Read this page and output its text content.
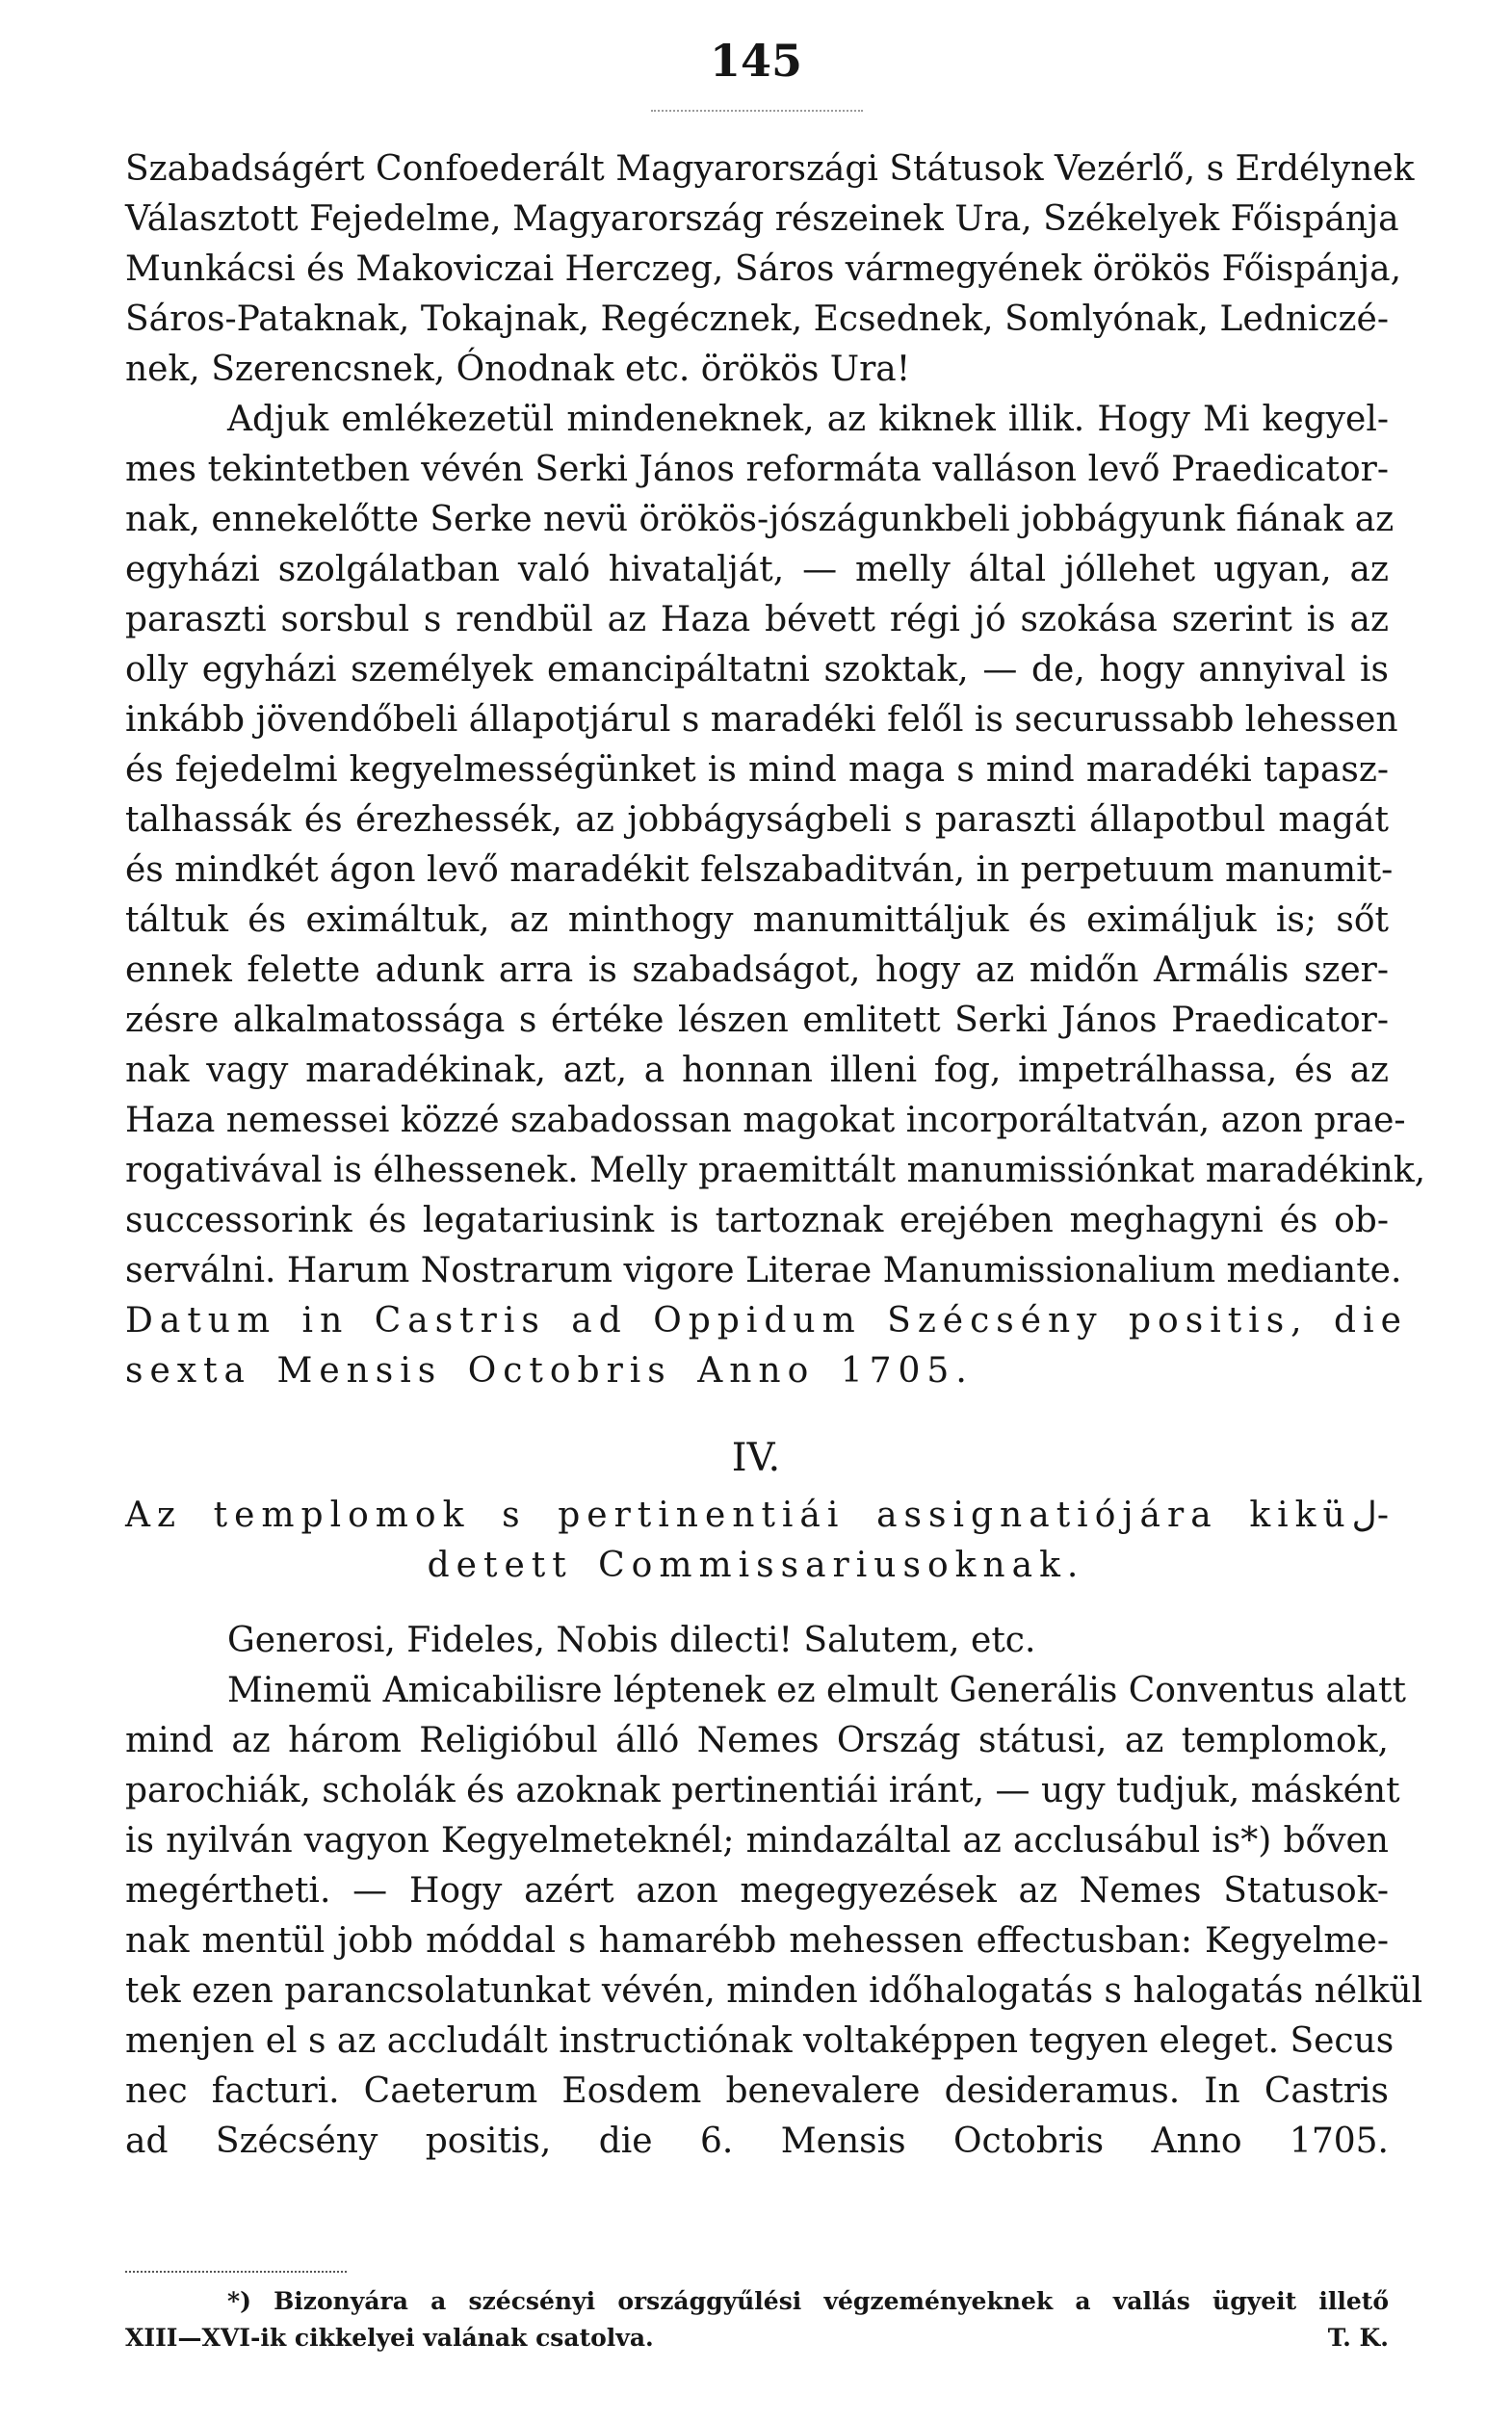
145
Szabadságért Confoederált Magyarországi Státusok Vezérlő, s Erdélynek
Választott Fejedelme, Magyarország részeinek Ura, Székelyek Főispánja
Munkácsi és Makoviczai Herczeg, Sáros vármegyének örökös Főispánja,
Sáros-Pataknak, Tokajnak, Regécznek, Ecsednek, Somlyónak, Ledniczé-
nek, Szerencsnek, Ónodnak etc. örökös Ura!
Adjuk emlékezetül mindeneknek, az kiknek illik. Hogy Mi kegyel-
mes tekintetben vévén Serki János reformáta valláson levő Praedicator-
nak, ennekelőtte Serke nevü örökös-jószágunkbeli jobbágyunk fiának az
egyházi szolgálatban való hivatalját, — melly által jóllehet ugyan, az
paraszti sorsbul s rendbül az Haza bévett régi jó szokása szerint is az
olly egyházi személyek emancipáltatni szoktak, — de, hogy annyival is
inkább jövendőbeli állapotjárul s maradéki felől is securussabb lehessen
és fejedelmi kegyelmességünket is mind maga s mind maradéki tapasz-
talhassák és érezhessék, az jobbágyságbeli s paraszti állapotbul magát
és mindkét ágon levő maradékit felszabaditván, in perpetuum manumit-
táltuk és eximáltuk, az minthogy manumittáljuk és eximáljuk is; sőt
ennek felette adunk arra is szabadságot, hogy az midőn Armális szer-
zésre alkalmatossága s értéke lészen emlitett Serki János Praedicator-
nak vagy maradékinak, azt, a honnan illeni fog, impetrálhassa, és az
Haza nemessei közzé szabadossan magokat incorporáltatván, azon prae-
rogativával is élhessenek. Melly praemittált manumissiónkat maradékink,
successorink és legatariusink is tartoznak erejében meghagyni és ob-
serválni. Harum Nostrarum vigore Literae Manumissionalium mediante.
Datum in Castris ad Oppidum Szécsény positis, die
sexta Mensis Octobris Anno 1705.
IV.
Az templomok s pertinentiái assignatiójára kiküل-
detett Commissariusoknak.
Generosi, Fideles, Nobis dilecti! Salutem, etc.
Minemü Amicabilisre léptenek ez elmult Generális Conventus alatt
mind az három Religióbul álló Nemes Ország státusi, az templomok,
parochiák, scholák és azoknak pertinentiái iránt, — ugy tudjuk, másként
is nyilván vagyon Kegyelmeteknél; mindazáltal az acclusábul is*) bőven
megértheti. — Hogy azért azon megegyezések az Nemes Statusok-
nak mentül jobb móddal s hamarébb mehessen effectusban: Kegyelme-
tek ezen parancsolatunkat vévén, minden időhalogatás s halogatás nélkül
menjen el s az accludált instructiónak voltaképpen tegyen eleget. Secus
nec facturi. Caeterum Eosdem benevalere desideramus. In Castris
ad Szécsény positis, die 6. Mensis Octobris Anno 1705.
*) Bizonyára a szécsényi országgyűlési végzeményeknek a vallás ügyeit illető
XIII—XVI-ik cikkelyei valának csatolva.	T. K.
